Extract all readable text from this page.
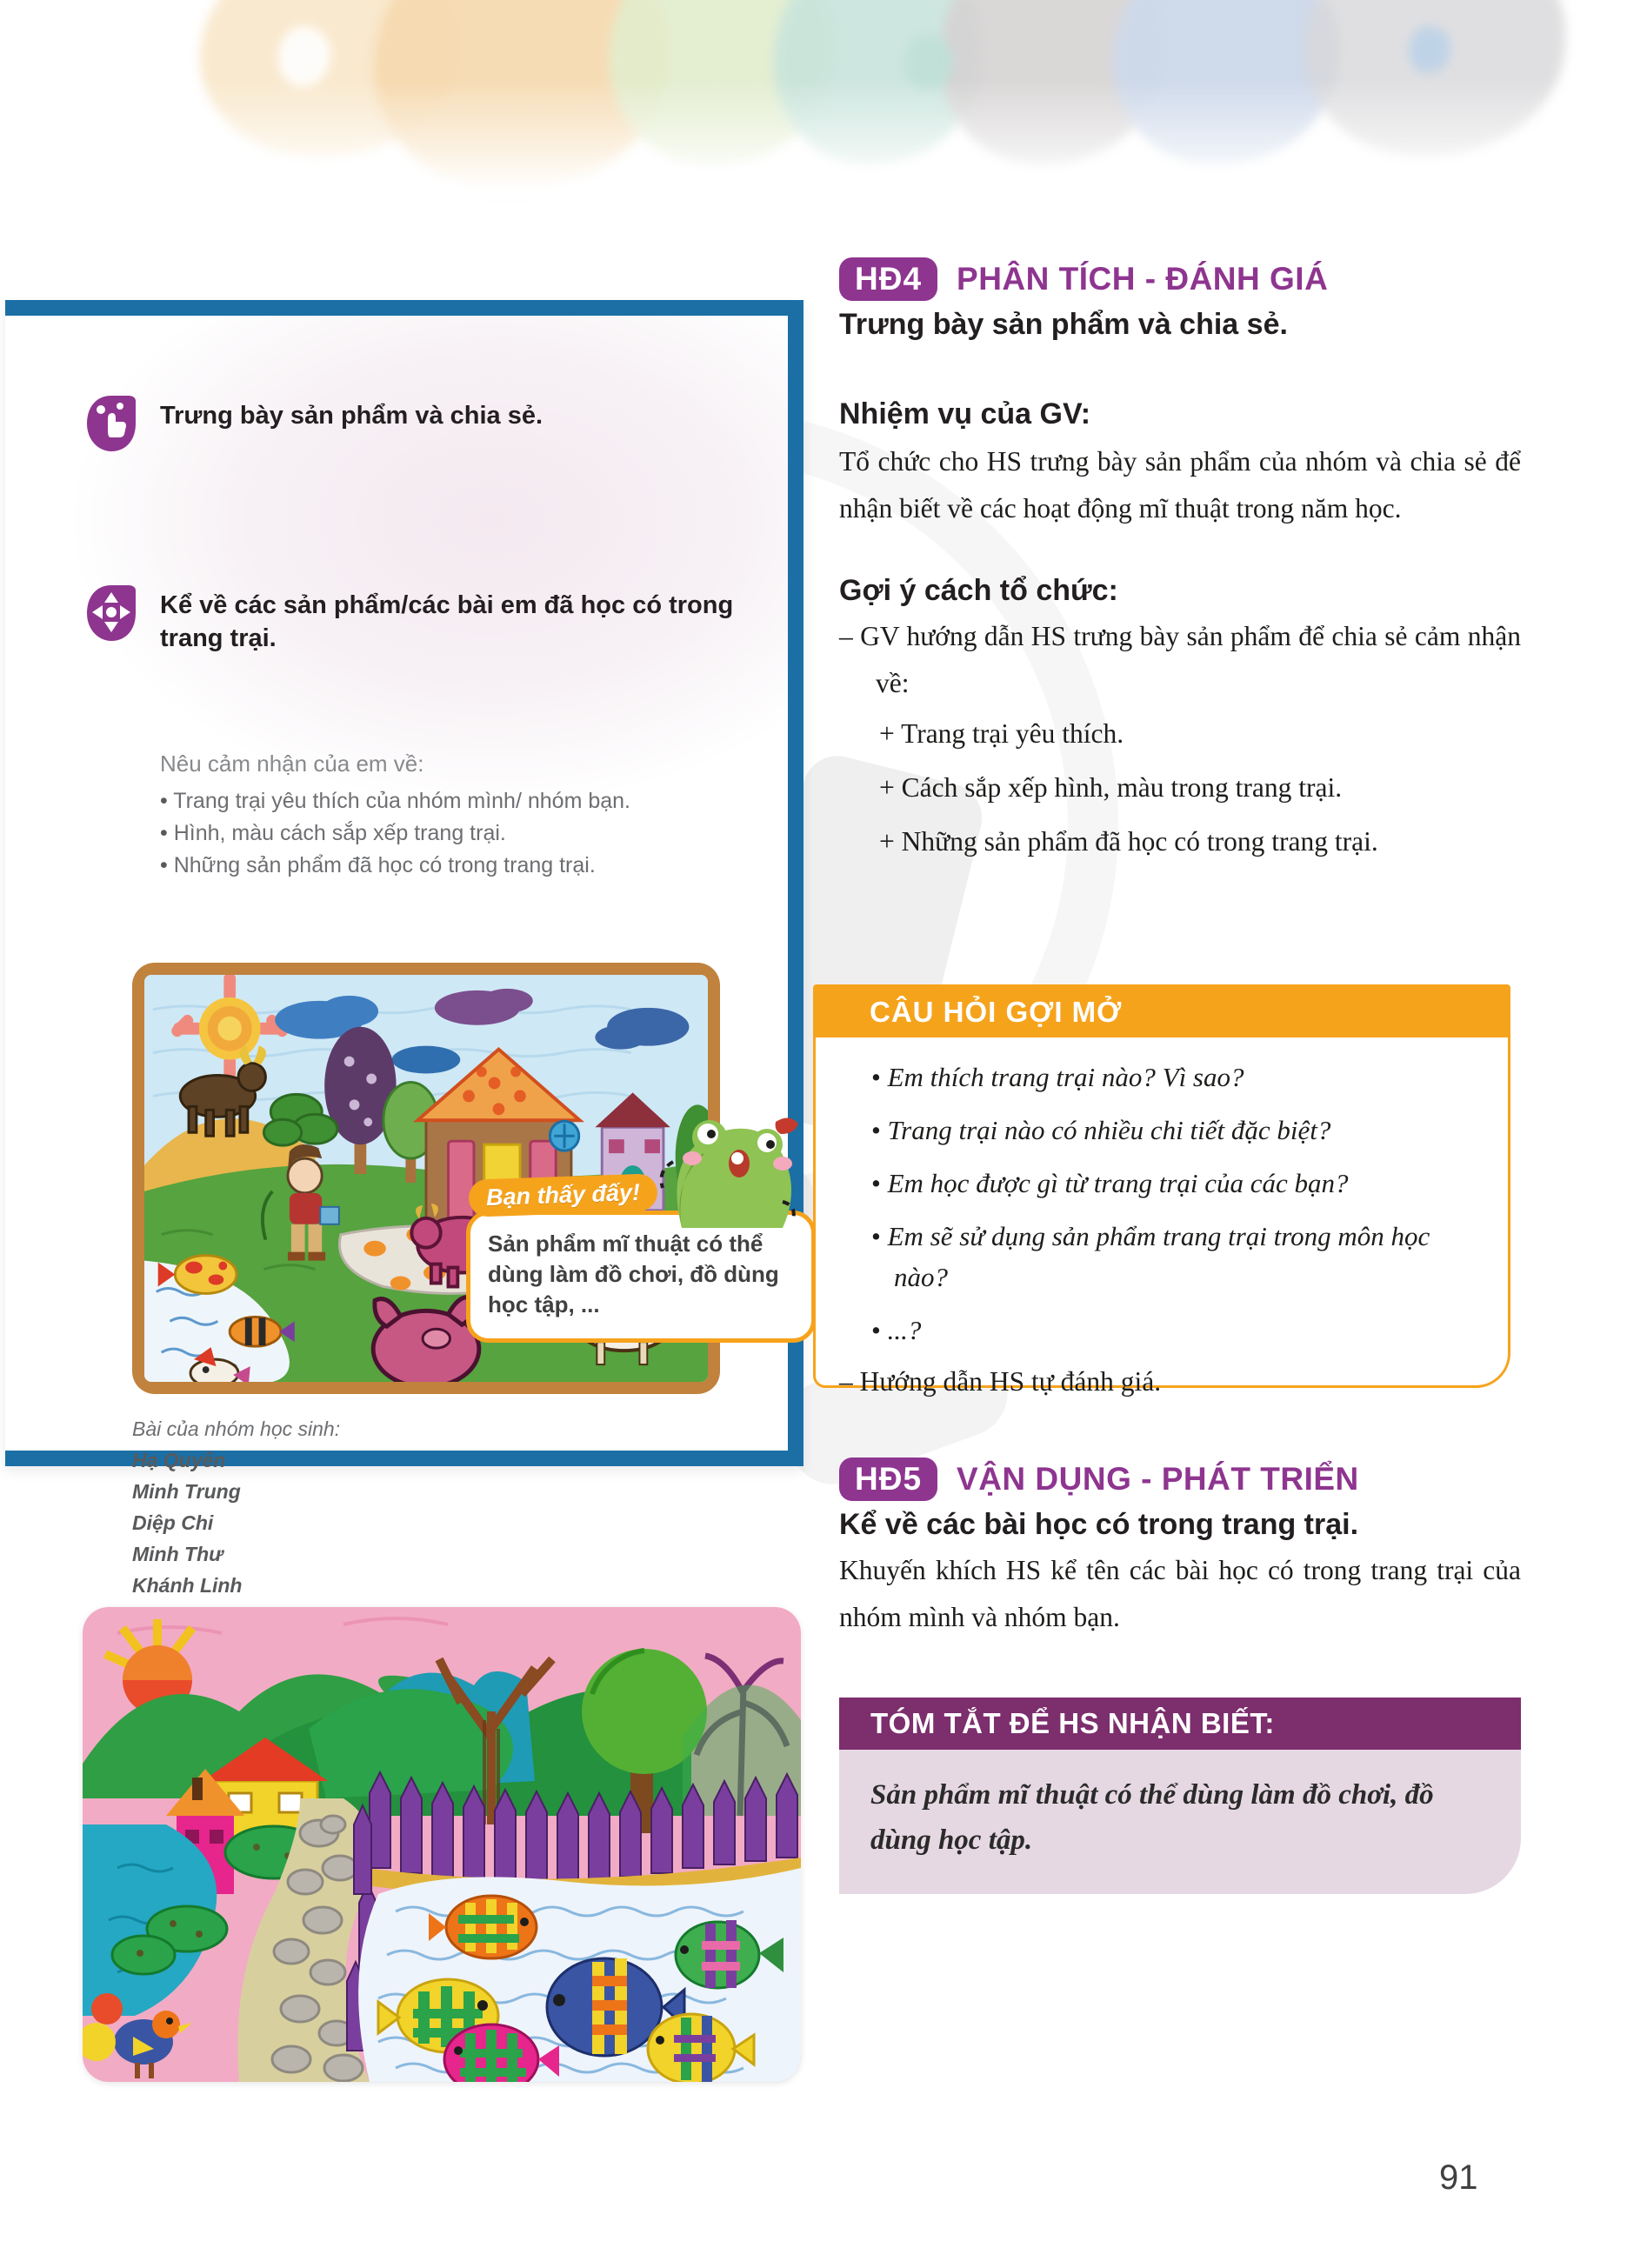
Trưng bày sản phẩm và chia sẻ.
Nêu cảm nhận của em về:
• Trang trại yêu thích của nhóm mình/ nhóm bạn.
• Hình, màu cách sắp xếp trang trại.
• Những sản phẩm đã học có trong trang trại.
Kể về các sản phẩm/các bài em đã học có trong trang trại.
Bài của nhóm học sinh:
Hạ Quyên
Minh Trung
Diệp Chi
Minh Thư
Khánh Linh
Bạn thấy đấy!
Sản phẩm mĩ thuật có thể dùng làm đồ chơi, đồ dùng học tập, ...
HĐ4	PHÂN TÍCH - ĐÁNH GIÁ
Trưng bày sản phẩm và chia sẻ.
Nhiệm vụ của GV:
Tổ chức cho HS trưng bày sản phẩm của nhóm và chia sẻ để nhận biết về các hoạt động mĩ thuật trong năm học.
Gợi ý cách tổ chức:
– GV hướng dẫn HS trưng bày sản phẩm để chia sẻ cảm nhận về:
+ Trang trại yêu thích.
+ Cách sắp xếp hình, màu trong trang trại.
+ Những sản phẩm đã học có trong trang trại.
CÂU HỎI GỢI MỞ
• Em thích trang trại nào? Vì sao?
• Trang trại nào có nhiều chi tiết đặc biệt?
• Em học được gì từ trang trại của các bạn?
• Em sẽ sử dụng sản phẩm trang trại trong môn học nào?
• ...?
– Hướng dẫn HS tự đánh giá.
HĐ5	VẬN DỤNG - PHÁT TRIỂN
Kể về các bài học có trong trang trại.
Khuyến khích HS kể tên các bài học có trong trang trại của nhóm mình và nhóm bạn.
TÓM TẮT ĐỂ HS NHẬN BIẾT:
Sản phẩm mĩ thuật có thể dùng làm đồ chơi, đồ dùng học tập.
91
